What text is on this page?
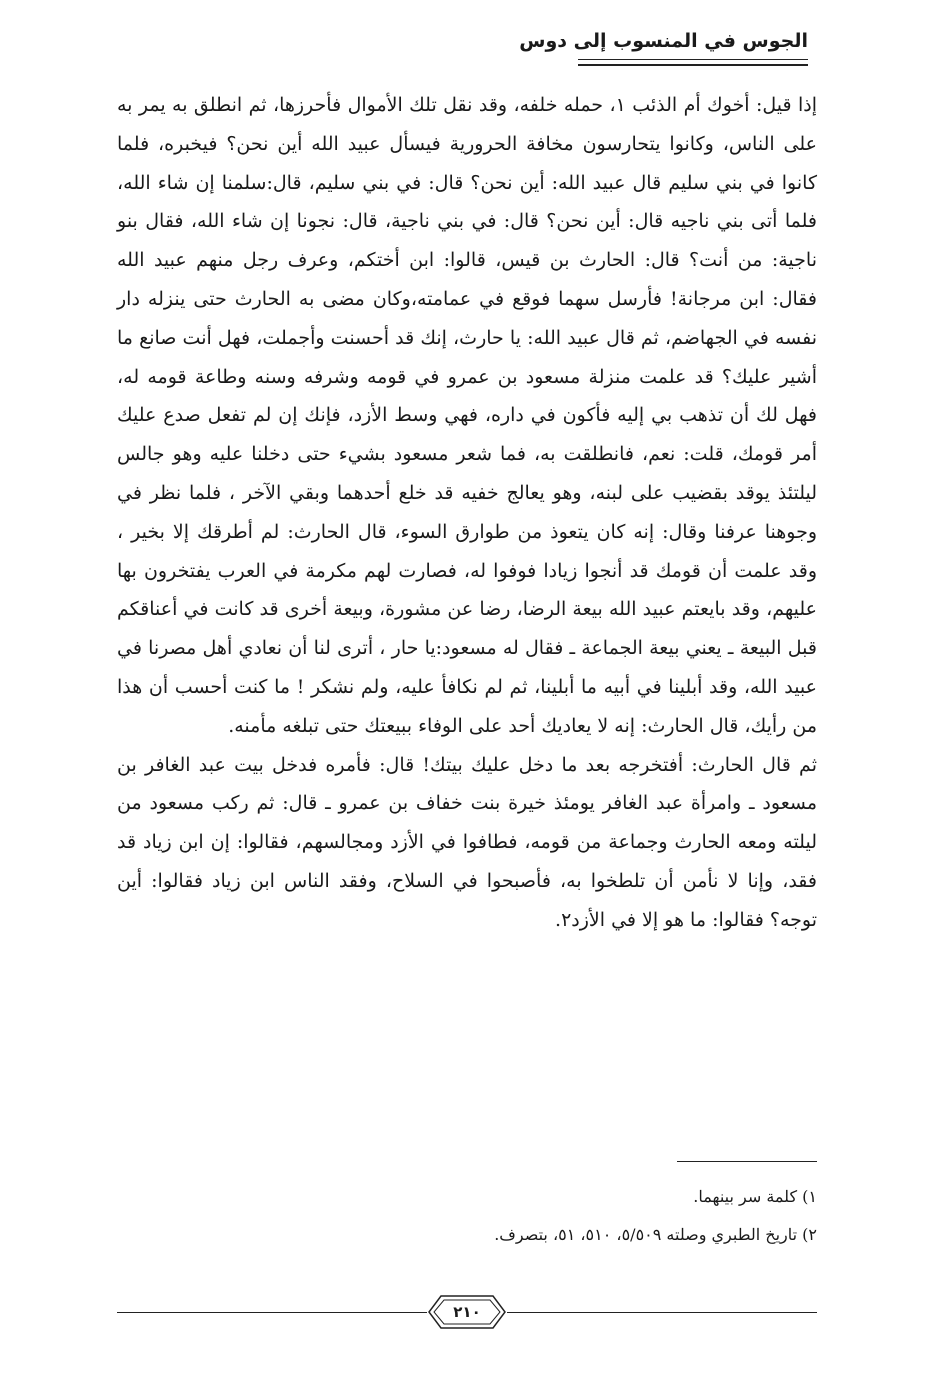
الجوس في المنسوب إلى دوس

إذا قيل: أخوك أم الذئب ١، حمله خلفه، وقد نقل تلك الأموال فأحرزها، ثم انطلق به يمر به على الناس، وكانوا يتحارسون مخافة الحرورية فيسأل عبيد الله أين نحن؟ فيخبره، فلما كانوا في بني سليم قال عبيد الله: أين نحن؟ قال: في بني سليم، قال:سلمنا إن شاء الله، فلما أتى بني ناجيه قال: أين نحن؟ قال: في بني ناجية، قال: نجونا إن شاء الله، فقال بنو ناجية: من أنت؟ قال: الحارث بن قيس، قالوا: ابن أختكم، وعرف رجل منهم عبيد الله فقال: ابن مرجانة! فأرسل سهما فوقع في عمامته،وكان مضى به الحارث حتى ينزله دار نفسه في الجهاضم، ثم قال عبيد الله: يا حارث، إنك قد أحسنت وأجملت، فهل أنت صانع ما أشير عليك؟ قد علمت منزلة مسعود بن عمرو في قومه وشرفه وسنه وطاعة قومه له، فهل لك أن تذهب بي إليه فأكون في داره، فهي وسط الأزد، فإنك إن لم تفعل صدع عليك أمر قومك، قلت: نعم، فانطلقت به، فما شعر مسعود بشيء حتى دخلنا عليه وهو جالس ليلتئذ يوقد بقضيب على لبنه، وهو يعالج خفيه قد خلع أحدهما وبقي الآخر ، فلما نظر في وجوهنا عرفنا وقال: إنه كان يتعوذ من طوارق السوء، قال الحارث: لم أطرقك إلا بخير ، وقد علمت أن قومك قد أنجوا زيادا فوفوا له، فصارت لهم مكرمة في العرب يفتخرون بها عليهم، وقد بايعتم عبيد الله بيعة الرضا، رضا عن مشورة، وبيعة أخرى قد كانت في أعناقكم قبل البيعة ـ يعني بيعة الجماعة ـ فقال له مسعود:يا حار ، أترى لنا أن نعادي أهل مصرنا في عبيد الله، وقد أبلينا في أبيه ما أبلينا، ثم لم نكافأ عليه، ولم نشكر ! ما كنت أحسب أن هذا من رأيك، قال الحارث: إنه لا يعاديك أحد على الوفاء ببيعتك حتى تبلغه مأمنه.

ثم قال الحارث: أفتخرجه بعد ما دخل عليك بيتك! قال: فأمره فدخل بيت عبد الغافر بن مسعود ـ وامرأة عبد الغافر يومئذ خيرة بنت خفاف بن عمرو ـ قال: ثم ركب مسعود من ليلته ومعه الحارث وجماعة من قومه، فطافوا في الأزد ومجالسهم، فقالوا: إن ابن زياد قد فقد، وإنا لا نأمن أن تلطخوا به، فأصبحوا في السلاح، وفقد الناس ابن زياد فقالوا: أين توجه؟ فقالوا: ما هو إلا في الأزد٢.

١) كلمة سر بينهما.
٢) تاريخ الطبري وصلته ٥/٥٠٩، ٥١٠، ٥١، بتصرف.
٢١٠
